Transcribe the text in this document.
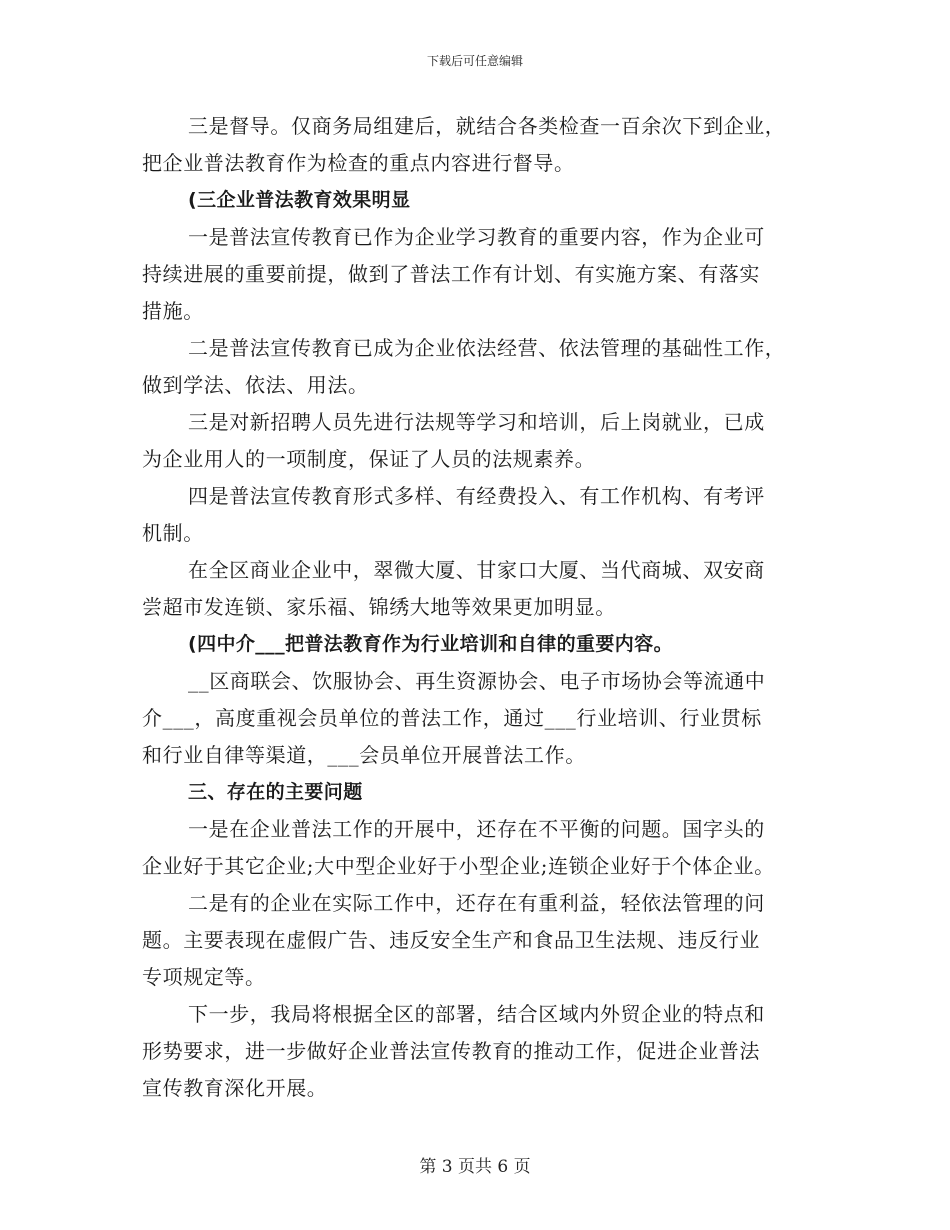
下载后可任意编辑
三是督导。仅商务局组建后，就结合各类检查一百余次下到企业，
把企业普法教育作为检查的重点内容进行督导。
(三企业普法教育效果明显
一是普法宣传教育已作为企业学习教育的重要内容，作为企业可
持续进展的重要前提，做到了普法工作有计划、有实施方案、有落实
措施。
二是普法宣传教育已成为企业依法经营、依法管理的基础性工作，
做到学法、依法、用法。
三是对新招聘人员先进行法规等学习和培训，后上岗就业，已成
为企业用人的一项制度，保证了人员的法规素养。
四是普法宣传教育形式多样、有经费投入、有工作机构、有考评
机制。
在全区商业企业中，翠微大厦、甘家口大厦、当代商城、双安商
尝超市发连锁、家乐福、锦绣大地等效果更加明显。
(四中介___把普法教育作为行业培训和自律的重要内容。
__区商联会、饮服协会、再生资源协会、电子市场协会等流通中
介___，高度重视会员单位的普法工作，通过___行业培训、行业贯标
和行业自律等渠道，___会员单位开展普法工作。
三、存在的主要问题
一是在企业普法工作的开展中，还存在不平衡的问题。国字头的
企业好于其它企业;大中型企业好于小型企业;连锁企业好于个体企业。
二是有的企业在实际工作中，还存在有重利益，轻依法管理的问
题。主要表现在虚假广告、违反安全生产和食品卫生法规、违反行业
专项规定等。
下一步，我局将根据全区的部署，结合区域内外贸企业的特点和
形势要求，进一步做好企业普法宣传教育的推动工作，促进企业普法
宣传教育深化开展。
第 3 页共 6 页
